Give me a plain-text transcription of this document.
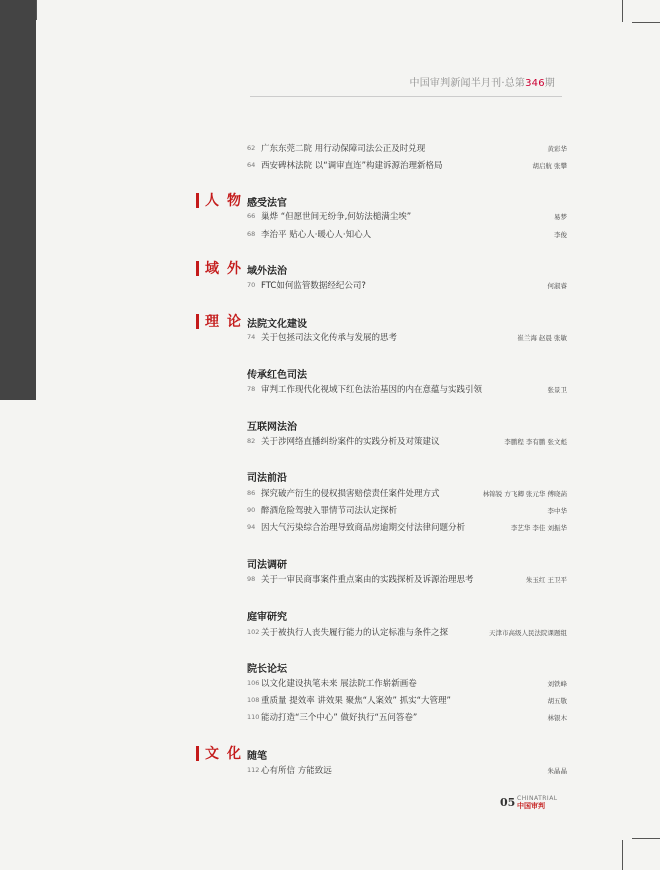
中国审判新闻半月刊·总第346期
62 广东东莞二院 用行动保障司法公正及时兑现	黄彩华
64 西安碑林法院 以“调审直连”构建诉源治理新格局	胡启航 张攀
人物
感受法官
66 巢烨 “但愿世间无纷争,何妨法槌满尘埃”	易梦
68 李治平 贴心人·暖心人·知心人	李俊
域外
域外法治
70 FTC如何监管数据经纪公司?	何淑睿
理论
法院文化建设
74 关于包拯司法文化传承与发展的思考	崔兰海 赵晨 张敏
传承红色司法
78 审判工作现代化视域下红色法治基因的内在意蕴与实践引领	张景卫
互联网法治
82 关于涉网络直播纠纷案件的实践分析及对策建议	李鹏程 李有鹏 张文彪
司法前沿
86 探究破产衍生的侵权损害赔偿责任案件处理方式	林锦锐 方飞卿 张元华 傅晓菡
90 醉酒危险驾驶入罪情节司法认定探析	李中华
94 因大气污染综合治理导致商品房逾期交付法律问题分析	李艺华 李佳 刘振华
司法调研
98 关于一审民商事案件重点案由的实践探析及诉源治理思考	朱玉红 王卫平
庭审研究
102 关于被执行人丧失履行能力的认定标准与条件之探	天津市高级人民法院课题组
院长论坛
106 以文化建设执笔未来 展法院工作崭新画卷	刘铁峰
108 重质量 提效率 讲效果 聚焦“人案效” 抓实“大管理”	胡五敬
110 能动打造“三个中心” 做好执行“五问答卷”	林银木
文化
随笔
112 心有所信 方能致远	朱晶晶
05 CHINATRIAL
中国审判
